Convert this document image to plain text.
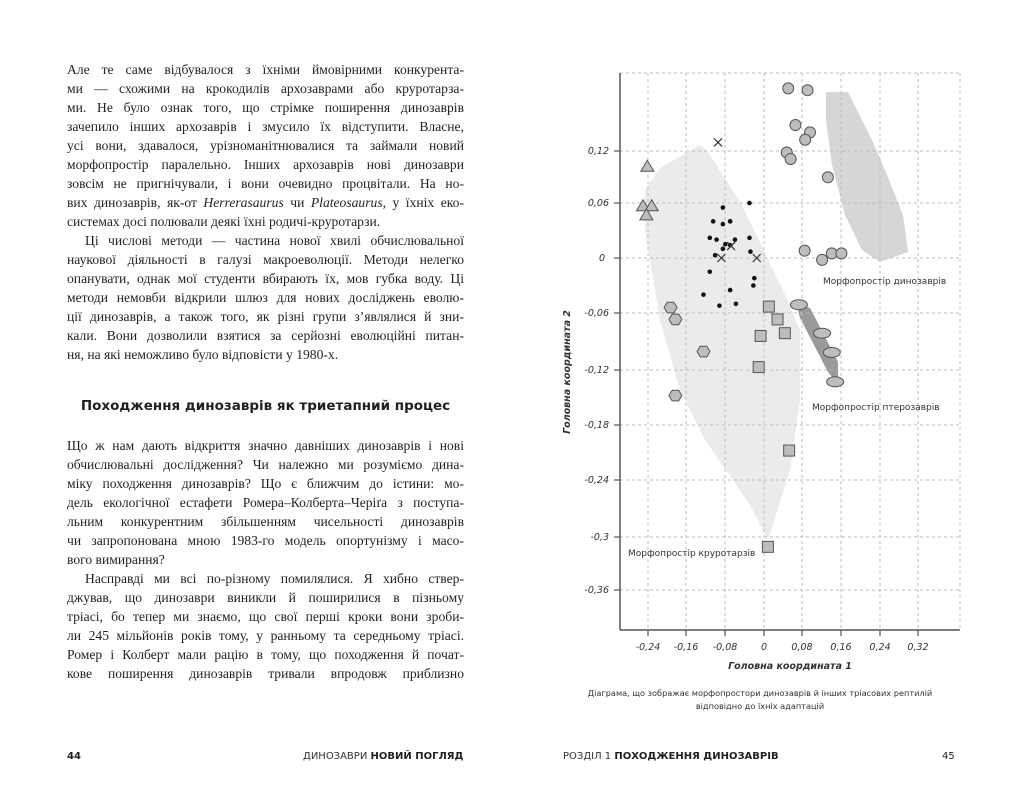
Але те саме відбувалося з їхніми ймовірними конкурента-
ми — схожими на крокодилів архозаврами або круротарза-
ми. Не було ознак того, що стрімке поширення динозаврів
зачепило інших архозаврів і змусило їх відступити. Власне,
усі вони, здавалося, урізноманітнювалися та займали новий
морфопростір паралельно. Інших архозаврів нові динозаври
зовсім не пригнічували, і вони очевидно процвітали. На но-
вих динозаврів, як-от Herrerasaurus чи Plateosaurus, у їхніх еко-
системах досі полювали деякі їхні родичі-круротарзи.
Ці числові методи — частина нової хвилі обчислювальної
наукової діяльності в галузі макроеволюції. Методи нелегко
опанувати, однак мої студенти вбирають їх, мов губка воду. Ці
методи немовби відкрили шлюз для нових досліджень еволю-
ції динозаврів, а також того, як різні групи з’являлися й зни-
кали. Вони дозволили взятися за серйозні еволюційні питан-
ня, на які неможливо було відповісти у 1980-х.
Походження динозаврів як триетапний процес
Що ж нам дають відкриття значно давніших динозаврів і нові
обчислювальні дослідження? Чи належно ми розуміємо дина-
міку походження динозаврів? Що є ближчим до істини: мо-
дель екологічної естафети Ромера–Колберта–Черіґа з поступа-
льним конкурентним збільшенням чисельності динозаврів
чи запропонована мною 1983-го модель опортунізму і масо-
вого вимирання?
Насправді ми всі по-різному помилялися. Я хибно ствер-
джував, що динозаври виникли й поширилися в пізньому
тріасі, бо тепер ми знаємо, що свої перші кроки вони зроби-
ли 245 мільйонів років тому, у ранньому та середньому тріасі.
Ромер і Колберт мали рацію в тому, що походження й почат-
кове поширення динозаврів тривали впродовж приблизно
44	ДИНОЗАВРИ НОВИЙ ПОГЛЯД	РОЗДІЛ 1 ПОХОДЖЕННЯ ДИНОЗАВРІВ	45
0,12
0,06
0
-0,06
-0,12
-0,18
-0,24
-0,3
-0,36
-0,24 -0,16 -0,08 0	0,08 0,16 0,24 0,32
Головна координата 1
Головна координата 2
Морфопростір динозаврів
Морфопростір птерозаврів
Морфопростір круротарзів
Діаграма, що зображає морфопростори динозаврів й інших тріасових рептилій
відповідно до їхніх адаптацій
